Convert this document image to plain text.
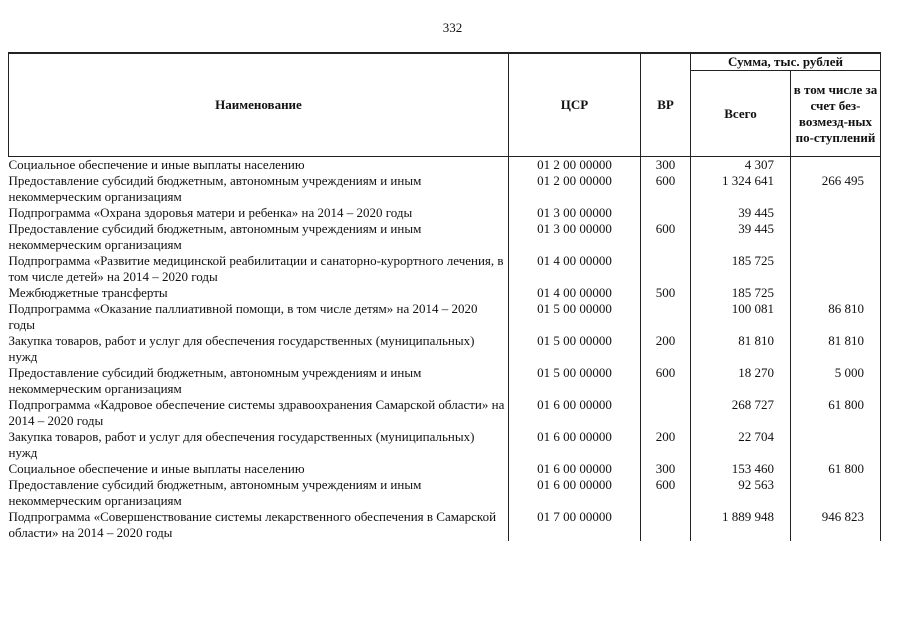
332
Наименование	ЦСР	ВР	Сумма, тыс. рублей	
			Всего	в том числе за счет без-возмезд-ных по-ступлений
Социальное обеспечение и иные выплаты населению	01 2 00 00000	300	4 307	
Предоставление субсидий бюджетным, автономным учреждениям и иным некоммерческим организациям	01 2 00 00000	600	1 324 641	266 495
Подпрограмма «Охрана здоровья матери и ребенка» на 2014 – 2020 годы	01 3 00 00000		39 445	
Предоставление субсидий бюджетным, автономным учреждениям и иным некоммерческим организациям	01 3 00 00000	600	39 445	
Подпрограмма «Развитие медицинской реабилитации и санаторно-курортного лечения, в том числе детей» на 2014 – 2020 годы	01 4 00 00000		185 725	
Межбюджетные трансферты	01 4 00 00000	500	185 725	
Подпрограмма «Оказание паллиативной помощи, в том числе детям» на 2014 – 2020 годы	01 5 00 00000		100 081	86 810
Закупка товаров, работ и услуг для обеспечения государственных (муниципальных) нужд	01 5 00 00000	200	81 810	81 810
Предоставление субсидий бюджетным, автономным учреждениям и иным некоммерческим организациям	01 5 00 00000	600	18 270	5 000
Подпрограмма «Кадровое обеспечение системы здравоохранения Самарской области» на 2014 – 2020 годы	01 6 00 00000		268 727	61 800
Закупка товаров, работ и услуг для обеспечения государственных (муниципальных) нужд	01 6 00 00000	200	22 704	
Социальное обеспечение и иные выплаты населению	01 6 00 00000	300	153 460	61 800
Предоставление субсидий бюджетным, автономным учреждениям и иным некоммерческим организациям	01 6 00 00000	600	92 563	
Подпрограмма «Совершенствование системы лекарственного обеспечения в Самарской области» на 2014 – 2020 годы	01 7 00 00000		1 889 948	946 823
